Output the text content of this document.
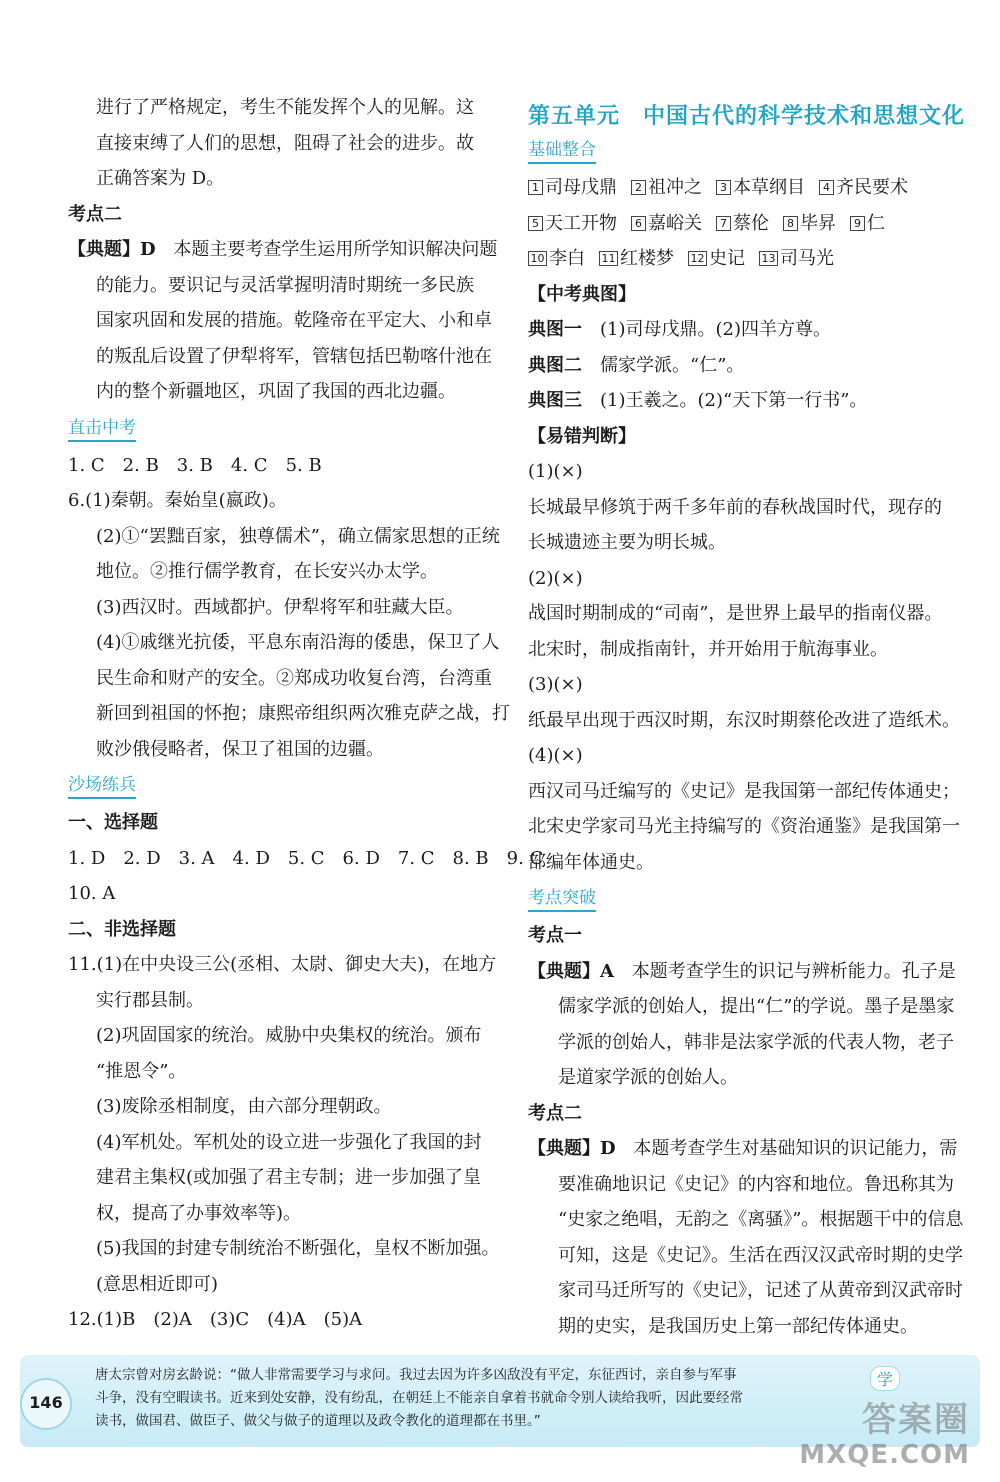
进行了严格规定，考生不能发挥个人的见解。这
直接束缚了人们的思想，阻碍了社会的进步。故
正确答案为 D。
考点二
【典题】D 本题主要考查学生运用所学知识解决问题
的能力。要识记与灵活掌握明清时期统一多民族
国家巩固和发展的措施。乾隆帝在平定大、小和卓
的叛乱后设置了伊犁将军，管辖包括巴勒喀什池在
内的整个新疆地区，巩固了我国的西北边疆。
直击中考
1. C　2. B　3. B　4. C　5. B
6.(1)秦朝。秦始皇(嬴政)。
(2)①“罢黜百家，独尊儒术”，确立儒家思想的正统
地位。②推行儒学教育，在长安兴办太学。
(3)西汉时。西域都护。伊犁将军和驻藏大臣。
(4)①戚继光抗倭，平息东南沿海的倭患，保卫了人
民生命和财产的安全。②郑成功收复台湾，台湾重
新回到祖国的怀抱；康熙帝组织两次雅克萨之战，打
败沙俄侵略者，保卫了祖国的边疆。
沙场练兵
一、选择题
1. D　2. D　3. A　4. D　5. C　6. D　7. C　8. B　9. C
10. A
二、非选择题
11.(1)在中央设三公(丞相、太尉、御史大夫)，在地方
实行郡县制。
(2)巩固国家的统治。威胁中央集权的统治。颁布
“推恩令”。
(3)废除丞相制度，由六部分理朝政。
(4)军机处。军机处的设立进一步强化了我国的封
建君主集权(或加强了君主专制；进一步加强了皇
权，提高了办事效率等)。
(5)我国的封建专制统治不断强化，皇权不断加强。
(意思相近即可)
12.(1)B　(2)A　(3)C　(4)A　(5)A
第五单元　中国古代的科学技术和思想文化
基础整合
1 司母戊鼎	2 祖冲之	3 本草纲目	4 齐民要术
5 天工开物	6 嘉峪关	7 蔡伦	8 毕昇	9 仁
10 李白 11 红楼梦 12 史记 13 司马光
【中考典图】
典图一　 (1)司母戊鼎。(2)四羊方尊。
典图二　 儒家学派。“仁”。
典图三　 (1)王羲之。(2)“天下第一行书”。
【易错判断】
(1)(×)
长城最早修筑于两千多年前的春秋战国时代，现存的
长城遗迹主要为明长城。
(2)(×)
战国时期制成的“司南”，是世界上最早的指南仪器。
北宋时，制成指南针，并开始用于航海事业。
(3)(×)
纸最早出现于西汉时期，东汉时期蔡伦改进了造纸术。
(4)(×)
西汉司马迁编写的《史记》是我国第一部纪传体通史；
北宋史学家司马光主持编写的《资治通鉴》是我国第一
部编年体通史。
考点突破
考点一
【典题】A 本题考查学生的识记与辨析能力。孔子是
儒家学派的创始人，提出“仁”的学说。墨子是墨家
学派的创始人，韩非是法家学派的代表人物，老子
是道家学派的创始人。
考点二
【典题】D 本题考查学生对基础知识的识记能力，需
要准确地识记《史记》的内容和地位。鲁迅称其为
“史家之绝唱，无韵之《离骚》”。根据题干中的信息
可知，这是《史记》。生活在西汉汉武帝时期的史学
家司马迁所写的《史记》，记述了从黄帝到汉武帝时
期的史实，是我国历史上第一部纪传体通史。
146
唐太宗曾对房玄龄说：“做人非常需要学习与求问。我过去因为许多凶敌没有平定，东征西讨，亲自参与军事
斗争，没有空暇读书。近来到处安静，没有纷乱，在朝廷上不能亲自拿着书就命令别人读给我听，因此要经常
读书，做国君、做臣子、做父与做子的道理以及政令教化的道理都在书里。”
学
答案圈
MXQE.COM
